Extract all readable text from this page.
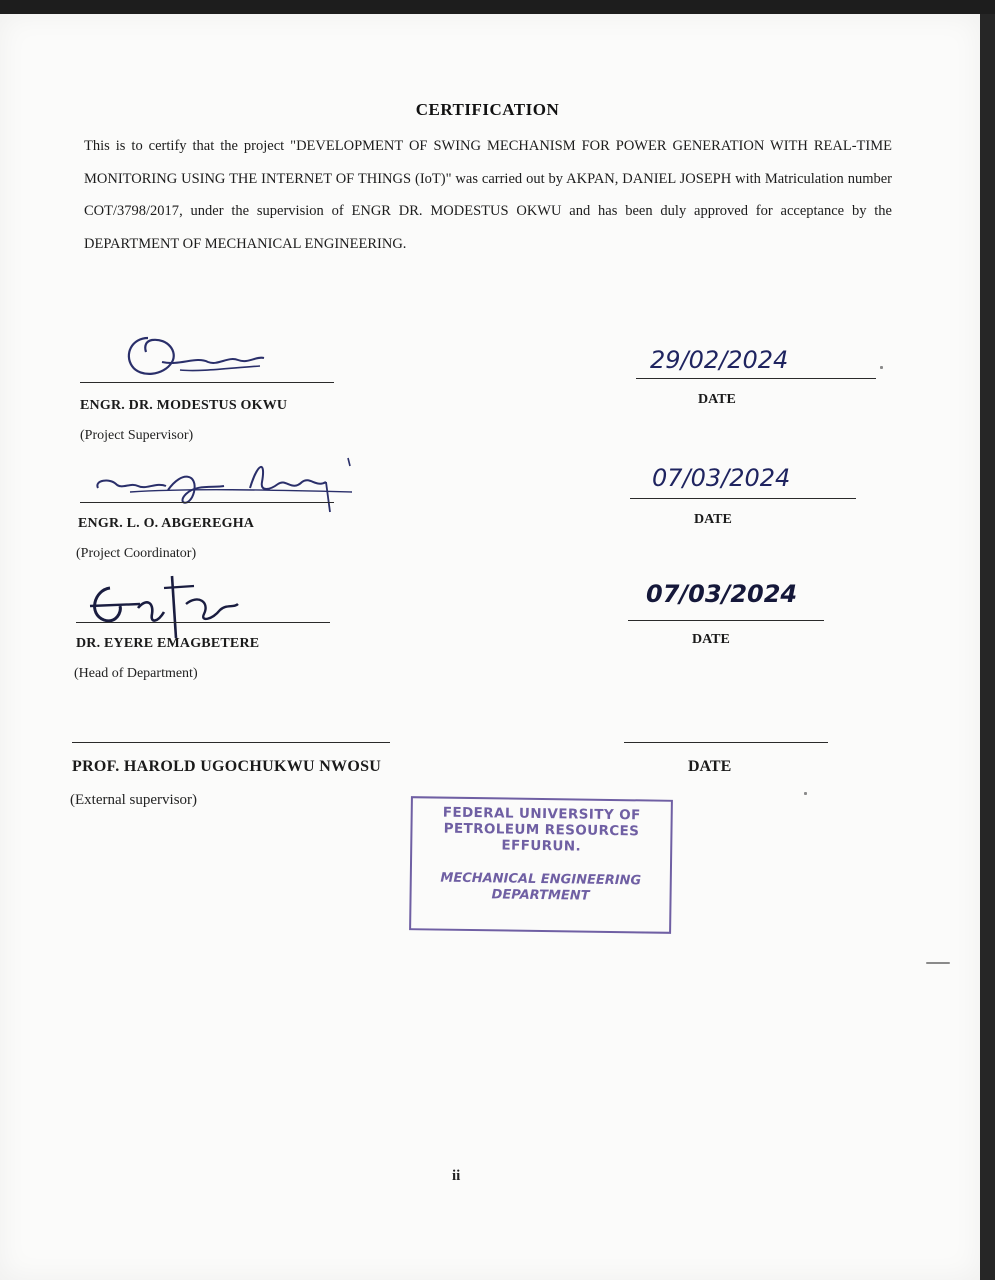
CERTIFICATION

This is to certify that the project "DEVELOPMENT OF SWING MECHANISM FOR POWER GENERATION WITH REAL-TIME MONITORING USING THE INTERNET OF THINGS (IoT)" was carried out by AKPAN, DANIEL JOSEPH with Matriculation number COT/3798/2017, under the supervision of ENGR DR. MODESTUS OKWU and has been duly approved for acceptance by the DEPARTMENT OF MECHANICAL ENGINEERING.

ENGR. DR. MODESTUS OKWU
(Project Supervisor)
29/02/2024
DATE
ENGR. L. O. ABGEREGHA
(Project Coordinator)
07/03/2024
DATE
DR. EYERE EMAGBETERE
(Head of Department)
07/03/2024
DATE
PROF. HAROLD UGOCHUKWU NWOSU
(External supervisor)
DATE
FEDERAL UNIVERSITY OF
PETROLEUM RESOURCES
EFFURUN.
MECHANICAL ENGINEERING
DEPARTMENT
ii
